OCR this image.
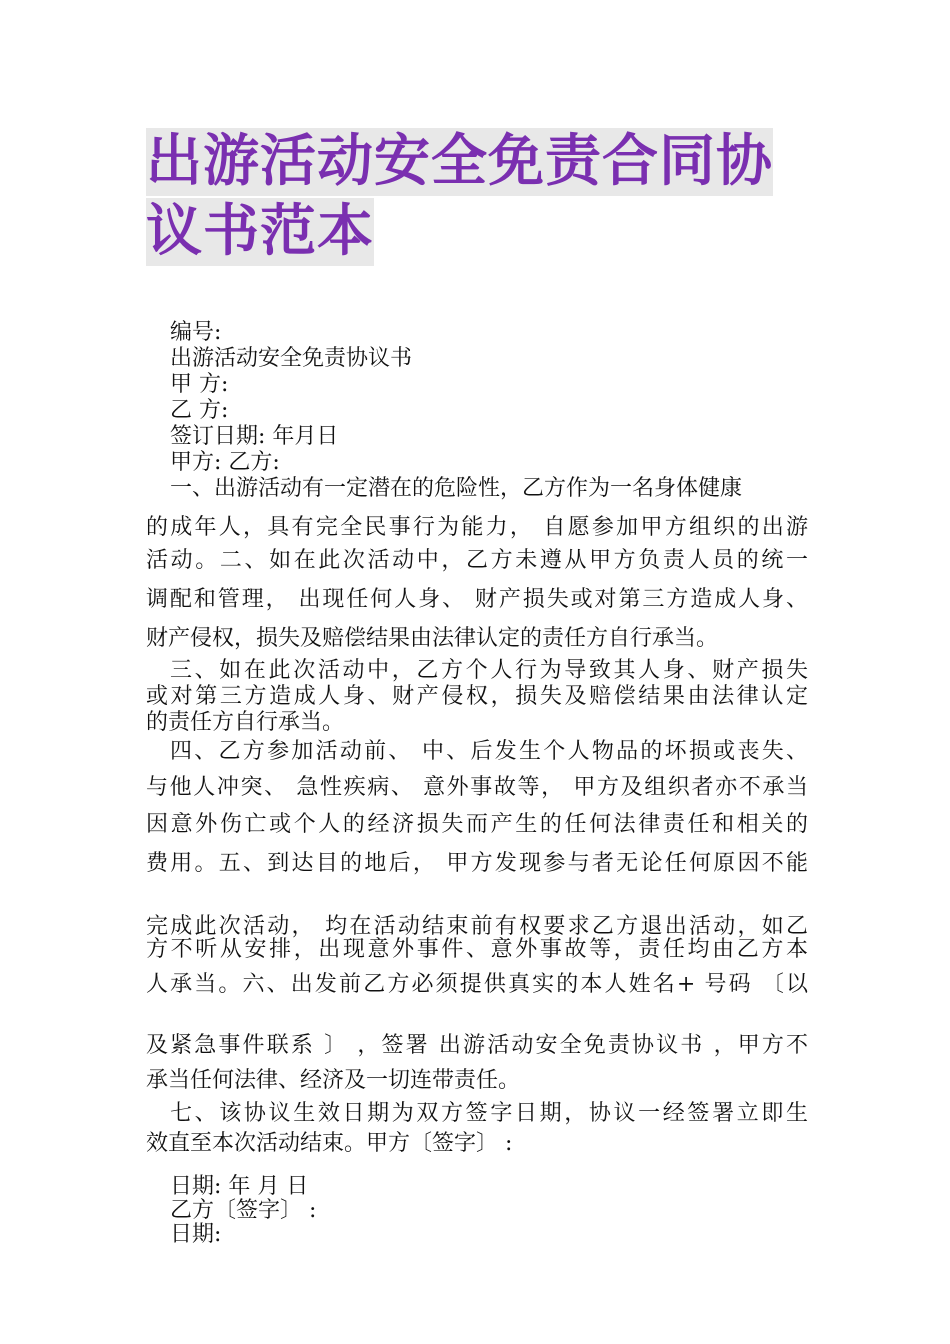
出游活动安全免责合同协
议书范本
编号:
出游活动安全免责协议书
甲 方:
乙 方:
签订日期: 年月日
甲方: 乙方:
一、出游活动有一定潜在的危险性，乙方作为一名身体健康
的成年人，具有完全民事行为能力， 自愿参加甲方组织的出游
活动。二、如在此次活动中，乙方未遵从甲方负责人员的统一
调配和管理， 出现任何人身、 财产损失或对第三方造成人身、
财产侵权，损失及赔偿结果由法律认定的责任方自行承当。
三、如在此次活动中，乙方个人行为导致其人身、财产损失
或对第三方造成人身、财产侵权，损失及赔偿结果由法律认定
的责任方自行承当。
四、乙方参加活动前、 中、后发生个人物品的坏损或丧失、
与他人冲突、 急性疾病、 意外事故等， 甲方及组织者亦不承当
因意外伤亡或个人的经济损失而产生的任何法律责任和相关的
费用。五、到达目的地后， 甲方发现参与者无论任何原因不能
完成此次活动， 均在活动结束前有权要求乙方退出活动，如乙
方不听从安排，出现意外事件、意外事故等，责任均由乙方本
人承当。六、出发前乙方必须提供真实的本人姓名+ 号码 〔以
及紧急事件联系 〕 ，签署 出游活动安全免责协议书 ，甲方不
承当任何法律、经济及一切连带责任。
七、该协议生效日期为双方签字日期，协议一经签署立即生
效直至本次活动结束。甲方〔签字〕 :
日期: 年 月 日
乙方〔签字〕 :
日期:
